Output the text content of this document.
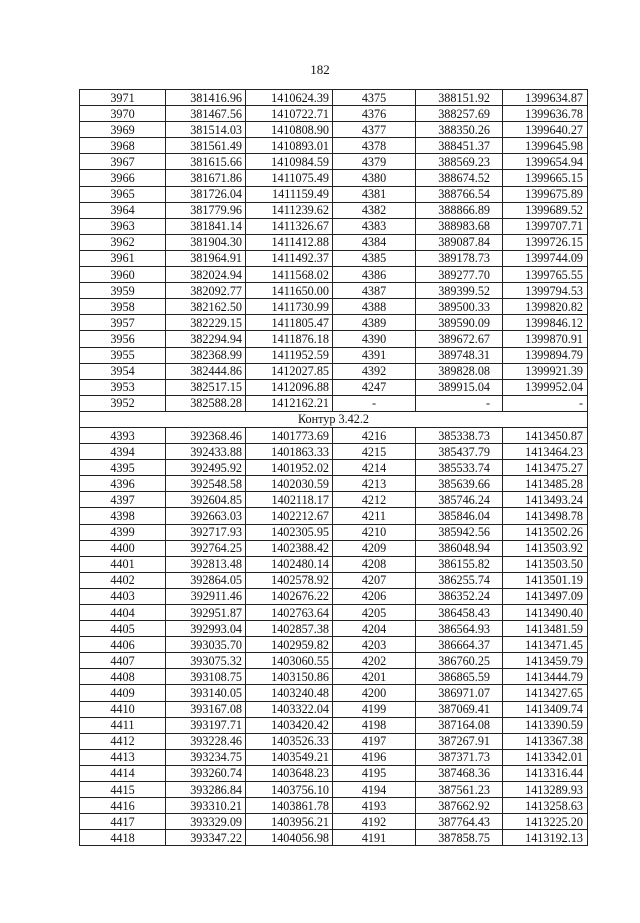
182
3971	381416.96	1410624.39	4375	388151.92	1399634.87
3970	381467.56	1410722.71	4376	388257.69	1399636.78
3969	381514.03	1410808.90	4377	388350.26	1399640.27
3968	381561.49	1410893.01	4378	388451.37	1399645.98
3967	381615.66	1410984.59	4379	388569.23	1399654.94
3966	381671.86	1411075.49	4380	388674.52	1399665.15
3965	381726.04	1411159.49	4381	388766.54	1399675.89
3964	381779.96	1411239.62	4382	388866.89	1399689.52
3963	381841.14	1411326.67	4383	388983.68	1399707.71
3962	381904.30	1411412.88	4384	389087.84	1399726.15
3961	381964.91	1411492.37	4385	389178.73	1399744.09
3960	382024.94	1411568.02	4386	389277.70	1399765.55
3959	382092.77	1411650.00	4387	389399.52	1399794.53
3958	382162.50	1411730.99	4388	389500.33	1399820.82
3957	382229.15	1411805.47	4389	389590.09	1399846.12
3956	382294.94	1411876.18	4390	389672.67	1399870.91
3955	382368.99	1411952.59	4391	389748.31	1399894.79
3954	382444.86	1412027.85	4392	389828.08	1399921.39
3953	382517.15	1412096.88	4247	389915.04	1399952.04
3952	382588.28	1412162.21	-	-	-
Контур 3.42.2					
4393	392368.46	1401773.69	4216	385338.73	1413450.87
4394	392433.88	1401863.33	4215	385437.79	1413464.23
4395	392495.92	1401952.02	4214	385533.74	1413475.27
4396	392548.58	1402030.59	4213	385639.66	1413485.28
4397	392604.85	1402118.17	4212	385746.24	1413493.24
4398	392663.03	1402212.67	4211	385846.04	1413498.78
4399	392717.93	1402305.95	4210	385942.56	1413502.26
4400	392764.25	1402388.42	4209	386048.94	1413503.92
4401	392813.48	1402480.14	4208	386155.82	1413503.50
4402	392864.05	1402578.92	4207	386255.74	1413501.19
4403	392911.46	1402676.22	4206	386352.24	1413497.09
4404	392951.87	1402763.64	4205	386458.43	1413490.40
4405	392993.04	1402857.38	4204	386564.93	1413481.59
4406	393035.70	1402959.82	4203	386664.37	1413471.45
4407	393075.32	1403060.55	4202	386760.25	1413459.79
4408	393108.75	1403150.86	4201	386865.59	1413444.79
4409	393140.05	1403240.48	4200	386971.07	1413427.65
4410	393167.08	1403322.04	4199	387069.41	1413409.74
4411	393197.71	1403420.42	4198	387164.08	1413390.59
4412	393228.46	1403526.33	4197	387267.91	1413367.38
4413	393234.75	1403549.21	4196	387371.73	1413342.01
4414	393260.74	1403648.23	4195	387468.36	1413316.44
4415	393286.84	1403756.10	4194	387561.23	1413289.93
4416	393310.21	1403861.78	4193	387662.92	1413258.63
4417	393329.09	1403956.21	4192	387764.43	1413225.20
4418	393347.22	1404056.98	4191	387858.75	1413192.13
